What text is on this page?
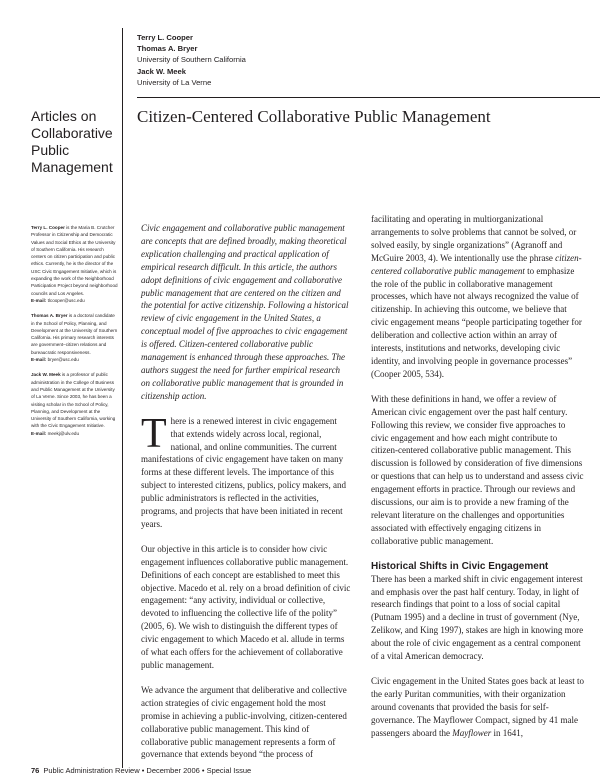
Terry L. Cooper
Thomas A. Bryer
University of Southern California
Jack W. Meek
University of La Verne
Articles on
Collaborative
Public
Management
Citizen-Centered Collaborative Public Management

Terry L. Cooper is the Maria B. Crutcher Professor in Citizenship and Democratic Values and Social Ethics at the University of Southern California. His research centers on citizen participation and public ethics. Currently, he is the director of the USC Civic Engagement Initiative, which is expanding the work of the Neighborhood Participation Project beyond neighborhood councils and Los Angeles.
E-mail: tlcooper@usc.edu

Thomas A. Bryer is a doctoral candidate in the School of Policy, Planning, and Development at the University of Southern California. His primary research interests are government–citizen relations and bureaucratic responsiveness.
E-mail: bryer@usc.edu

Jack W. Meek is a professor of public administration in the College of Business and Public Management at the University of La Verne. Since 2003, he has been a visiting scholar in the School of Policy, Planning, and Development at the University of Southern California, working with the Civic Engagement Initiative.
E-mail: meekj@ulv.edu

Civic engagement and collaborative public management are concepts that are defined broadly, making theoretical explication challenging and practical application of empirical research difficult. In this article, the authors adopt definitions of civic engagement and collaborative public management that are centered on the citizen and the potential for active citizenship. Following a historical review of civic engagement in the United States, a conceptual model of five approaches to civic engagement is offered. Citizen-centered collaborative public management is enhanced through these approaches. The authors suggest the need for further empirical research on collaborative public management that is grounded in citizenship action.

There is a renewed interest in civic engagement that extends widely across local, regional, national, and online communities. The current manifestations of civic engagement have taken on many forms at these different levels. The importance of this subject to interested citizens, publics, policy makers, and public administrators is reflected in the activities, programs, and projects that have been initiated in recent years.

Our objective in this article is to consider how civic engagement influences collaborative public management. Definitions of each concept are established to meet this objective. Macedo et al. rely on a broad definition of civic engagement: “any activity, individual or collective, devoted to influencing the collective life of the polity” (2005, 6). We wish to distinguish the different types of civic engagement to which Macedo et al. allude in terms of what each offers for the achievement of collaborative public management.

We advance the argument that deliberative and collective action strategies of civic engagement hold the most promise in achieving a public-involving, citizen-centered collaborative public management. This kind of collaborative public management represents a form of governance that extends beyond “the process of

facilitating and operating in multiorganizational arrangements to solve problems that cannot be solved, or solved easily, by single organizations” (Agranoff and McGuire 2003, 4). We intentionally use the phrase citizen-centered collaborative public management to emphasize the role of the public in collaborative management processes, which have not always recognized the value of citizenship. In achieving this outcome, we believe that civic engagement means “people participating together for deliberation and collective action within an array of interests, institutions and networks, developing civic identity, and involving people in governance processes” (Cooper 2005, 534).

With these definitions in hand, we offer a review of American civic engagement over the past half century. Following this review, we consider five approaches to civic engagement and how each might contribute to citizen-centered collaborative public management. This discussion is followed by consideration of five dimensions or questions that can help us to understand and assess civic engagement efforts in practice. Through our reviews and discussions, our aim is to provide a new framing of the relevant literature on the challenges and opportunities associated with effectively engaging citizens in collaborative public management.

Historical Shifts in Civic Engagement

There has been a marked shift in civic engagement interest and emphasis over the past half century. Today, in light of research findings that point to a loss of social capital (Putnam 1995) and a decline in trust of government (Nye, Zelikow, and King 1997), stakes are high in knowing more about the role of civic engagement as a central component of a vital American democracy.

Civic engagement in the United States goes back at least to the early Puritan communities, with their organization around covenants that provided the basis for self-governance. The Mayflower Compact, signed by 41 male passengers aboard the Mayflower in 1641,

76 Public Administration Review • December 2006 • Special Issue
